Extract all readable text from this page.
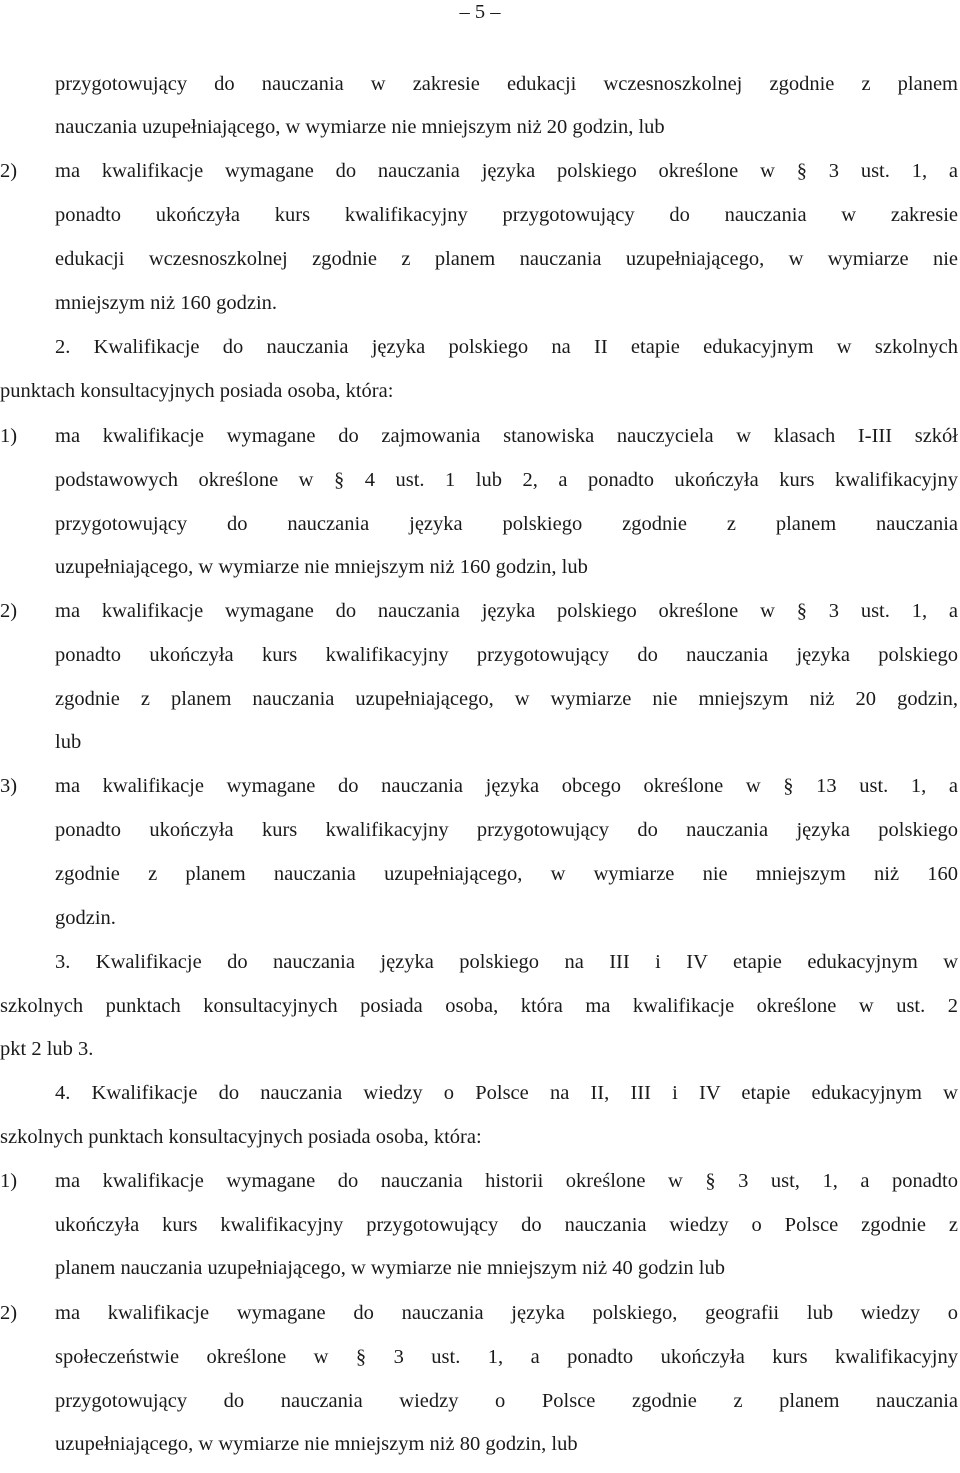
– 5 –
przygotowujący do nauczania w zakresie edukacji wczesnoszkolnej zgodnie z planem
nauczania uzupełniającego, w wymiarze nie mniejszym niż 20 godzin, lub
2) ma kwalifikacje wymagane do nauczania języka polskiego określone w § 3 ust. 1, a
ponadto ukończyła kurs kwalifikacyjny przygotowujący do nauczania w zakresie
edukacji wczesnoszkolnej zgodnie z planem nauczania uzupełniającego, w wymiarze nie
mniejszym niż 160 godzin.
2. Kwalifikacje do nauczania języka polskiego na II etapie edukacyjnym w szkolnych
punktach konsultacyjnych posiada osoba, która:
1) ma kwalifikacje wymagane do zajmowania stanowiska nauczyciela w klasach I-III szkół
podstawowych określone w § 4 ust. 1 lub 2, a ponadto ukończyła kurs kwalifikacyjny
przygotowujący do nauczania języka polskiego zgodnie z planem nauczania
uzupełniającego, w wymiarze nie mniejszym niż 160 godzin, lub
2) ma kwalifikacje wymagane do nauczania języka polskiego określone w § 3 ust. 1, a
ponadto ukończyła kurs kwalifikacyjny przygotowujący do nauczania języka polskiego
zgodnie z planem nauczania uzupełniającego, w wymiarze nie mniejszym niż 20 godzin,
lub
3) ma kwalifikacje wymagane do nauczania języka obcego określone w § 13 ust. 1, a
ponadto ukończyła kurs kwalifikacyjny przygotowujący do nauczania języka polskiego
zgodnie z planem nauczania uzupełniającego, w wymiarze nie mniejszym niż 160
godzin.
3. Kwalifikacje do nauczania języka polskiego na III i IV etapie edukacyjnym w
szkolnych punktach konsultacyjnych posiada osoba, która ma kwalifikacje określone w ust. 2
pkt 2 lub 3.
4. Kwalifikacje do nauczania wiedzy o Polsce na II, III i IV etapie edukacyjnym w
szkolnych punktach konsultacyjnych posiada osoba, która:
1) ma kwalifikacje wymagane do nauczania historii określone w § 3 ust, 1, a ponadto
ukończyła kurs kwalifikacyjny przygotowujący do nauczania wiedzy o Polsce zgodnie z
planem nauczania uzupełniającego, w wymiarze nie mniejszym niż 40 godzin lub
2) ma kwalifikacje wymagane do nauczania języka polskiego, geografii lub wiedzy o
społeczeństwie określone w § 3 ust. 1, a ponadto ukończyła kurs kwalifikacyjny
przygotowujący do nauczania wiedzy o Polsce zgodnie z planem nauczania
uzupełniającego, w wymiarze nie mniejszym niż 80 godzin, lub
